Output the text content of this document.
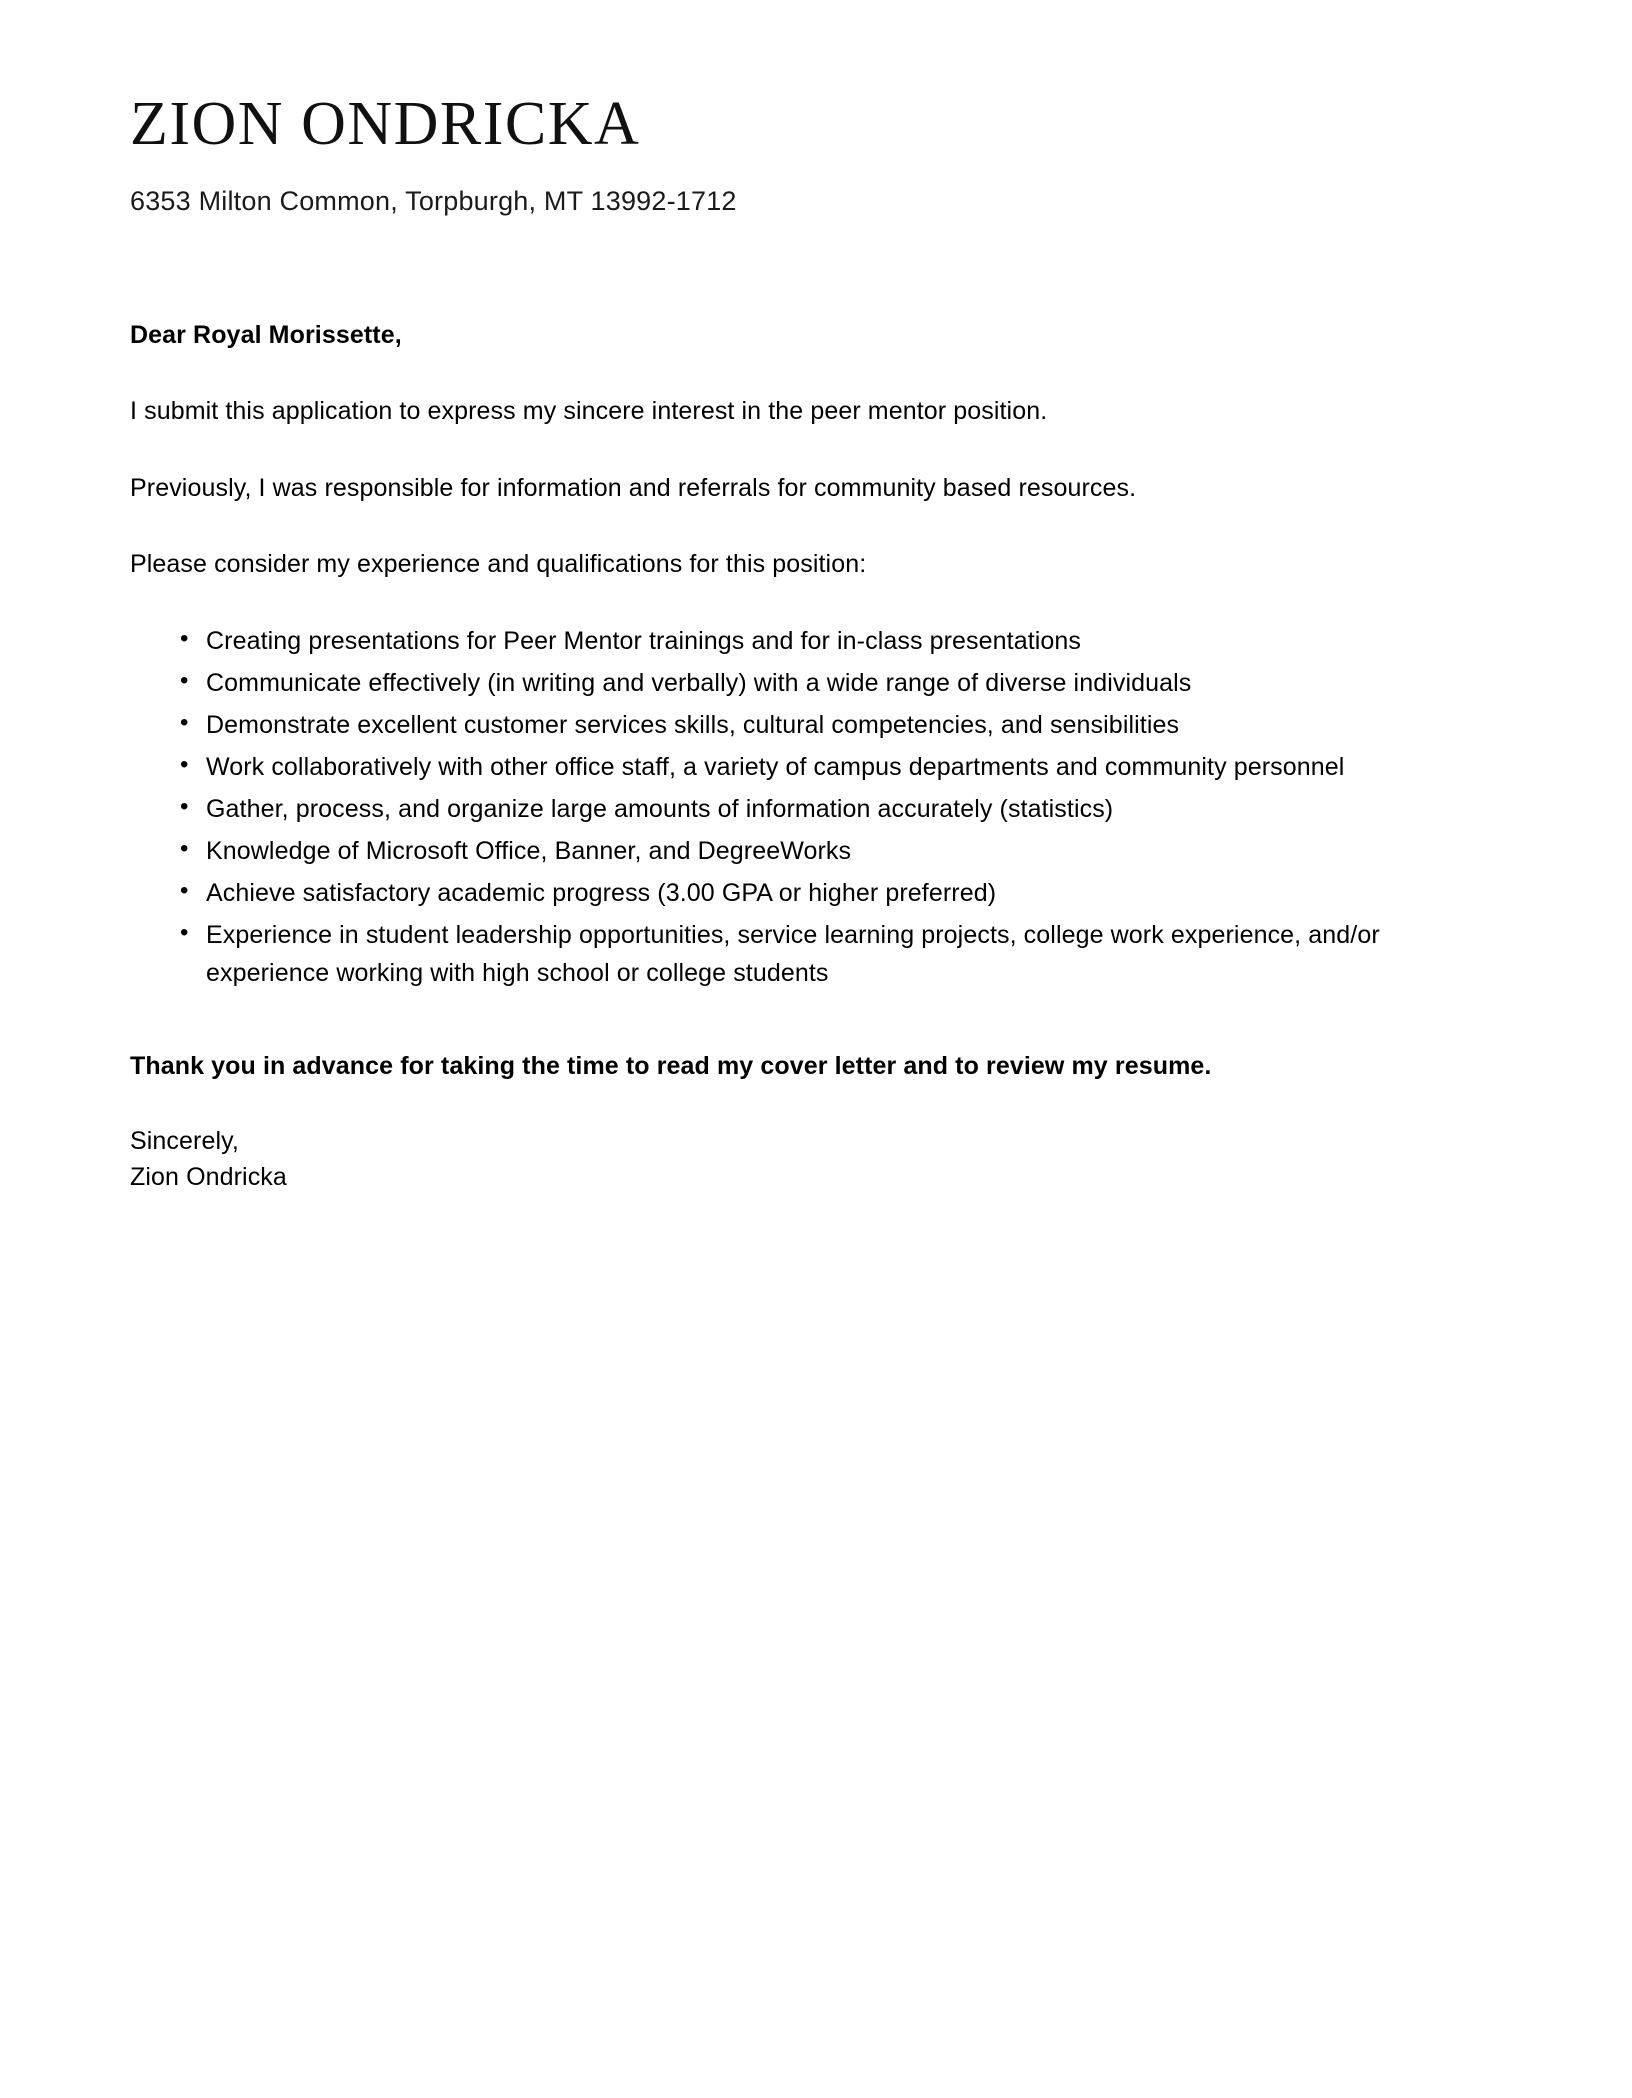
ZION ONDRICKA
6353 Milton Common, Torpburgh, MT 13992-1712

Dear Royal Morissette,

I submit this application to express my sincere interest in the peer mentor position.

Previously, I was responsible for information and referrals for community based resources.

Please consider my experience and qualifications for this position:

• Creating presentations for Peer Mentor trainings and for in-class presentations
• Communicate effectively (in writing and verbally) with a wide range of diverse individuals
• Demonstrate excellent customer services skills, cultural competencies, and sensibilities
• Work collaboratively with other office staff, a variety of campus departments and community personnel
• Gather, process, and organize large amounts of information accurately (statistics)
• Knowledge of Microsoft Office, Banner, and DegreeWorks
• Achieve satisfactory academic progress (3.00 GPA or higher preferred)
• Experience in student leadership opportunities, service learning projects, college work experience, and/or experience working with high school or college students

Thank you in advance for taking the time to read my cover letter and to review my resume.

Sincerely,
Zion Ondricka
